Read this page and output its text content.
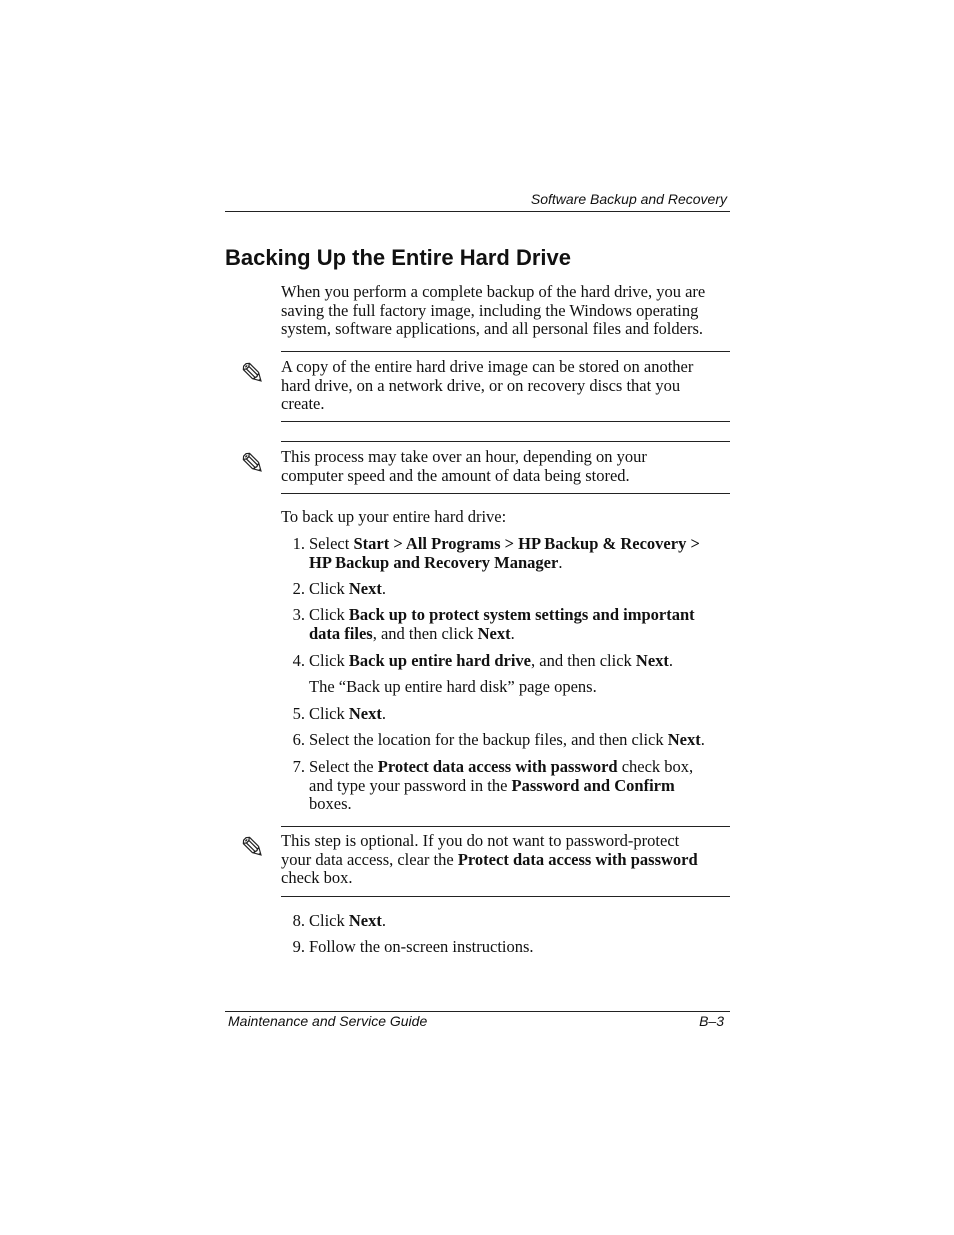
Software Backup and Recovery
Backing Up the Entire Hard Drive

When you perform a complete backup of the hard drive, you are saving the full factory image, including the Windows operating system, software applications, and all personal files and folders.

✎ A copy of the entire hard drive image can be stored on another
hard drive, on a network drive, or on recovery discs that you
create.
✎ This process may take over an hour, depending on your
computer speed and the amount of data being stored.
To back up your entire hard drive:
1. Select Start > All Programs > HP Backup & Recovery >
HP Backup and Recovery Manager.
2. Click Next.
3. Click Back up to protect system settings and important
data files, and then click Next.
4. Click Back up entire hard drive, and then click Next.
The “Back up entire hard disk” page opens.
5. Click Next.
6. Select the location for the backup files, and then click Next.
7. Select the Protect data access with password check box,
and type your password in the Password and Confirm
boxes.
✎ This step is optional. If you do not want to password-protect
your data access, clear the Protect data access with password
check box.
8. Click Next.
9. Follow the on-screen instructions.
Maintenance and Service Guide	B–3
